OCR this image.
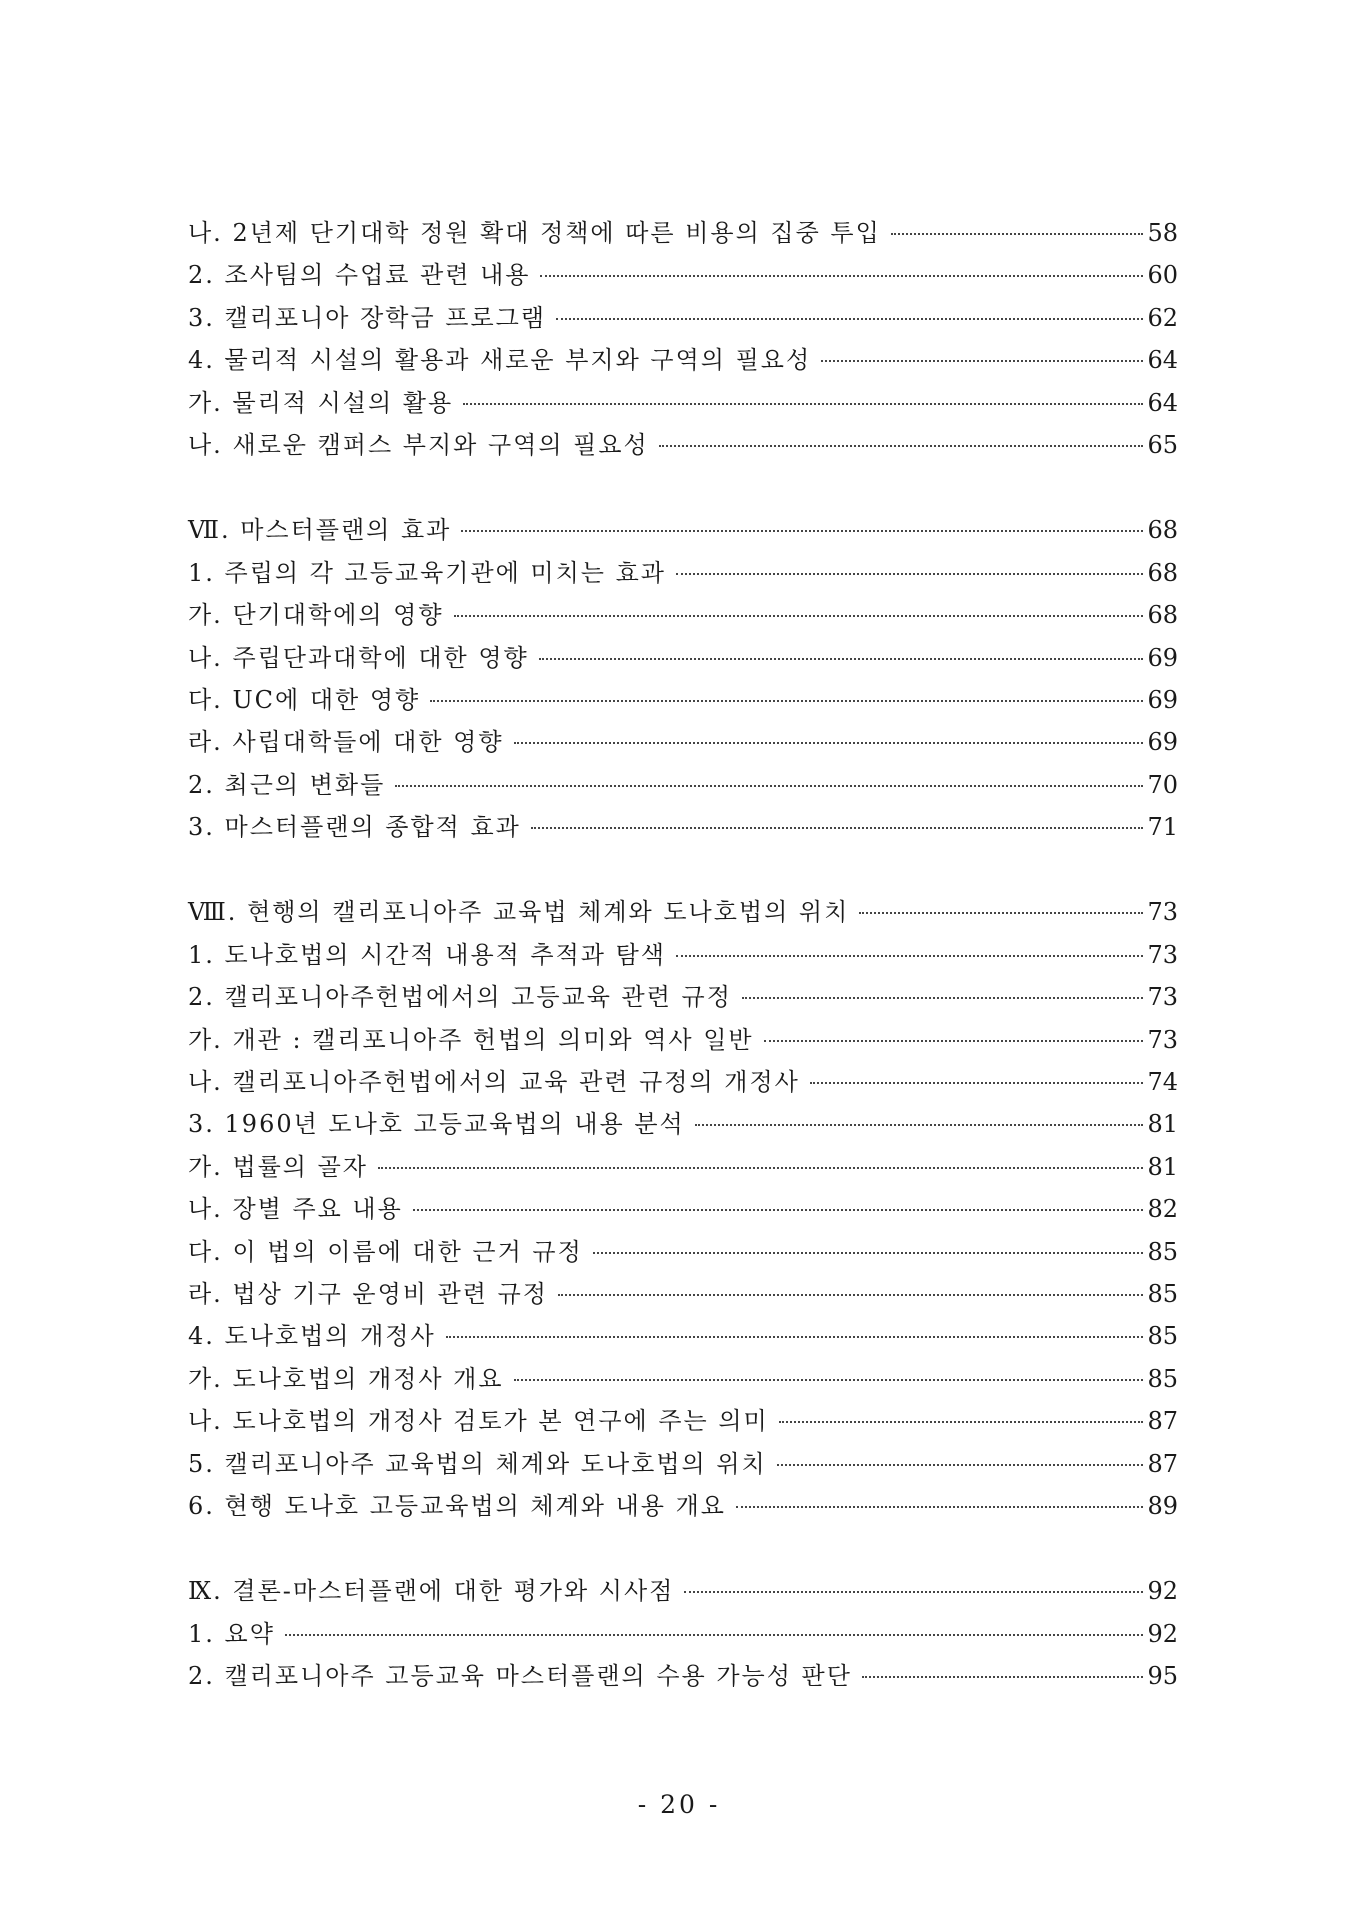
나. 2년제 단기대학 정원 확대 정책에 따른 비용의 집중 투입	58
2. 조사팀의 수업료 관련 내용	60
3. 캘리포니아 장학금 프로그램	62
4. 물리적 시설의 활용과 새로운 부지와 구역의 필요성	64
가. 물리적 시설의 활용	64
나. 새로운 캠퍼스 부지와 구역의 필요성	65
Ⅶ. 마스터플랜의 효과	68
1. 주립의 각 고등교육기관에 미치는 효과	68
가. 단기대학에의 영향	68
나. 주립단과대학에 대한 영향	69
다. UC에 대한 영향	69
라. 사립대학들에 대한 영향	69
2. 최근의 변화들	70
3. 마스터플랜의 종합적 효과	71
Ⅷ. 현행의 캘리포니아주 교육법 체계와 도나호법의 위치	73
1. 도나호법의 시간적 내용적 추적과 탐색	73
2. 캘리포니아주헌법에서의 고등교육 관련 규정	73
가. 개관 : 캘리포니아주 헌법의 의미와 역사 일반	73
나. 캘리포니아주헌법에서의 교육 관련 규정의 개정사	74
3. 1960년 도나호 고등교육법의 내용 분석	81
가. 법률의 골자	81
나. 장별 주요 내용	82
다. 이 법의 이름에 대한 근거 규정	85
라. 법상 기구 운영비 관련 규정	85
4. 도나호법의 개정사	85
가. 도나호법의 개정사 개요	85
나. 도나호법의 개정사 검토가 본 연구에 주는 의미	87
5. 캘리포니아주 교육법의 체계와 도나호법의 위치	87
6. 현행 도나호 고등교육법의 체계와 내용 개요	89
Ⅸ. 결론-마스터플랜에 대한 평가와 시사점	92
1. 요약	92
2. 캘리포니아주 고등교육 마스터플랜의 수용 가능성 판단	95
- 20 -
